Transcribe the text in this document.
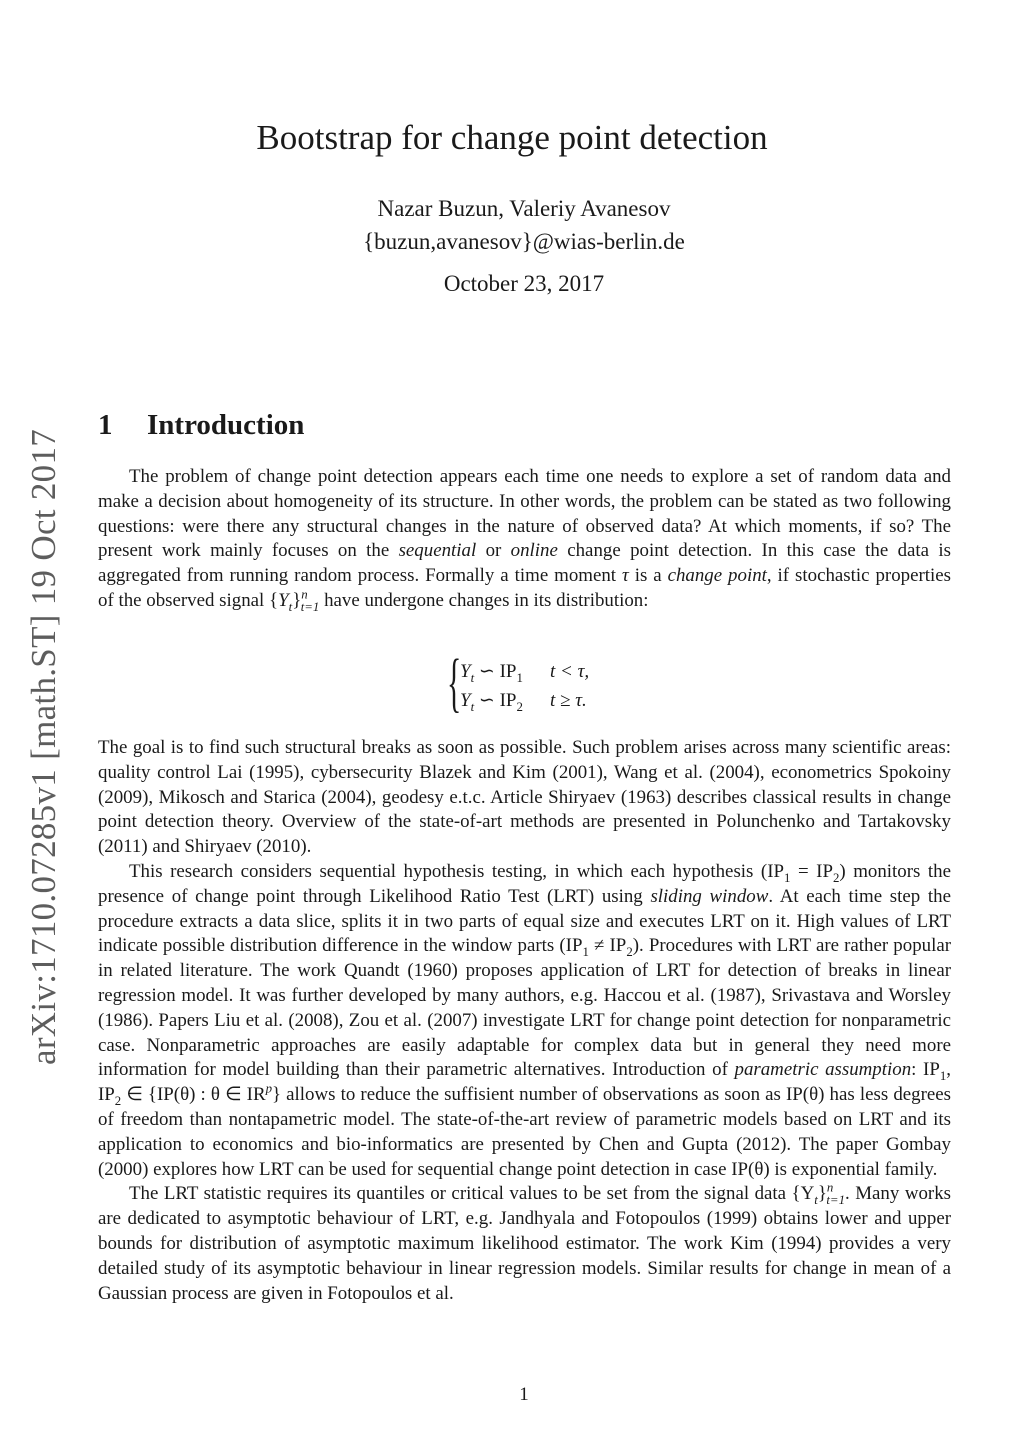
arXiv:1710.07285v1 [math.ST] 19 Oct 2017
Bootstrap for change point detection
Nazar Buzun, Valeriy Avanesov
{buzun,avanesov}@wias-berlin.de
October 23, 2017
1 Introduction

The problem of change point detection appears each time one needs to explore a set of random data and make a decision about homogeneity of its structure. In other words, the problem can be stated as two following questions: were there any structural changes in the nature of observed data? At which moments, if so? The present work mainly focuses on the sequential or online change point detection. In this case the data is aggregated from running random process. Formally a time moment τ is a change point, if stochastic properties of the observed signal $\{Y_t\}^n_{t=1}$ have undergone changes in its distribution:

{
$Y_t$ ∽ $IP_1$ t < τ,
$Y_t$ ∽ $IP_2$ t ≥ τ.

The goal is to find such structural breaks as soon as possible. Such problem arises across many scientific areas: quality control Lai (1995), cybersecurity Blazek and Kim (2001), Wang et al. (2004), econometrics Spokoiny (2009), Mikosch and Starica (2004), geodesy e.t.c. Article Shiryaev (1963) describes classical results in change point detection theory. Overview of the state-of-art methods are presented in Polunchenko and Tartakovsky (2011) and Shiryaev (2010).

This research considers sequential hypothesis testing, in which each hypothesis $(IP_1 = IP_2)$ monitors the presence of change point through Likelihood Ratio Test (LRT) using sliding window. At each time step the procedure extracts a data slice, splits it in two parts of equal size and executes LRT on it. High values of LRT indicate possible distribution difference in the window parts $(IP_1 \ne IP_2)$. Procedures with LRT are rather popular in related literature. The work Quandt (1960) proposes application of LRT for detection of breaks in linear regression model. It was further developed by many authors, e.g. Haccou et al. (1987), Srivastava and Worsley (1986). Papers Liu et al. (2008), Zou et al. (2007) investigate LRT for change point detection for nonparametric case. Nonparametric approaches are easily adaptable for complex data but in general they need more information for model building than their parametric alternatives. Introduction of parametric assumption: $IP_1$, $IP_2$ ∈ {IP(θ) : θ ∈ $IR^p$} allows to reduce the suffisient number of observations as soon as IP(θ) has less degrees of freedom than nontapametric model. The state-of-the-art review of parametric models based on LRT and its application to economics and bio-informatics are presented by Chen and Gupta (2012). The paper Gombay (2000) explores how LRT can be used for sequential change point detection in case IP(θ) is exponential family.

The LRT statistic requires its quantiles or critical values to be set from the signal data $\{Y_t\}^n_{t=1}$. Many works are dedicated to asymptotic behaviour of LRT, e.g. Jandhyala and Fotopoulos (1999) obtains lower and upper bounds for distribution of asymptotic maximum likelihood estimator. The work Kim (1994) provides a very detailed study of its asymptotic behaviour in linear regression models. Similar results for change in mean of a Gaussian process are given in Fotopoulos et al.

1
